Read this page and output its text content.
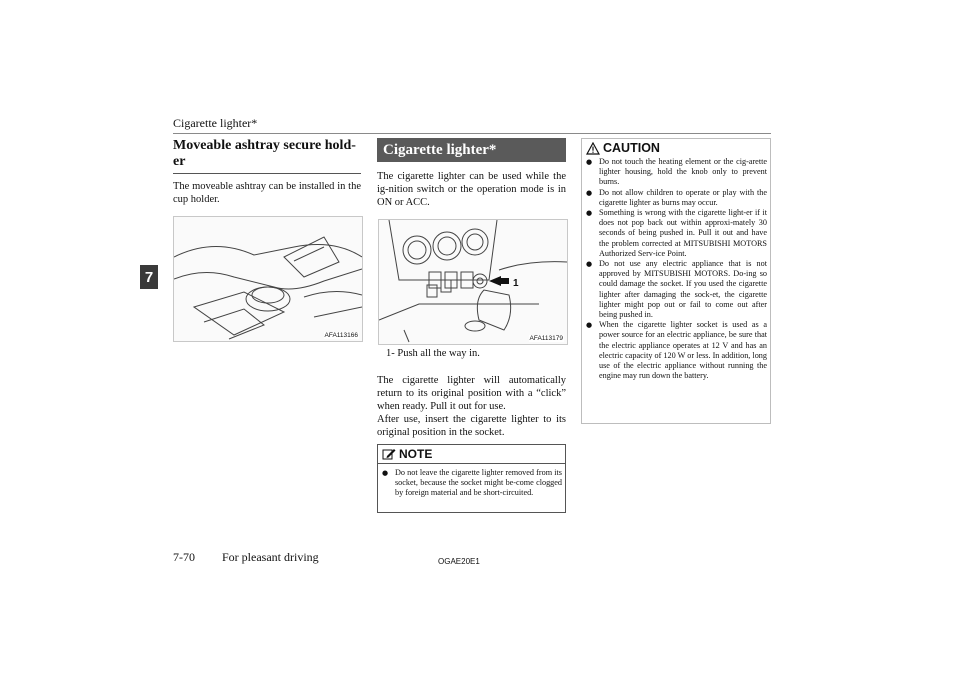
Cigarette lighter*
7
Moveable ashtray secure hold-er
The moveable ashtray can be installed in the cup holder.
AFA113166
Cigarette lighter*
The cigarette lighter can be used while the ig-nition switch or the operation mode is in ON or ACC.
1
AFA113179
1- Push all the way in.
The cigarette lighter will automatically return to its original position with a “click” when ready. Pull it out for use.
After use, insert the cigarette lighter to its original position in the socket.
NOTE
● Do not leave the cigarette lighter removed from its socket, because the socket might be-come clogged by foreign material and be short-circuited.
CAUTION
● Do not touch the heating element or the cig-arette lighter housing, hold the knob only to prevent burns.
● Do not allow children to operate or play with the cigarette lighter as burns may occur.
● Something is wrong with the cigarette light-er if it does not pop back out within approxi-mately 30 seconds of being pushed in. Pull it out and have the problem corrected at MITSUBISHI MOTORS Authorized Serv-ice Point.
● Do not use any electric appliance that is not approved by MITSUBISHI MOTORS. Do-ing so could damage the socket. If you used the cigarette lighter after damaging the sock-et, the cigarette lighter might pop out or fail to come out after being pushed in.
● When the cigarette lighter socket is used as a power source for an electric appliance, be sure that the electric appliance operates at 12 V and has an electric capacity of 120 W or less. In addition, long use of the electric appliance without running the engine may run down the battery.
7-70 For pleasant driving	OGAE20E1
